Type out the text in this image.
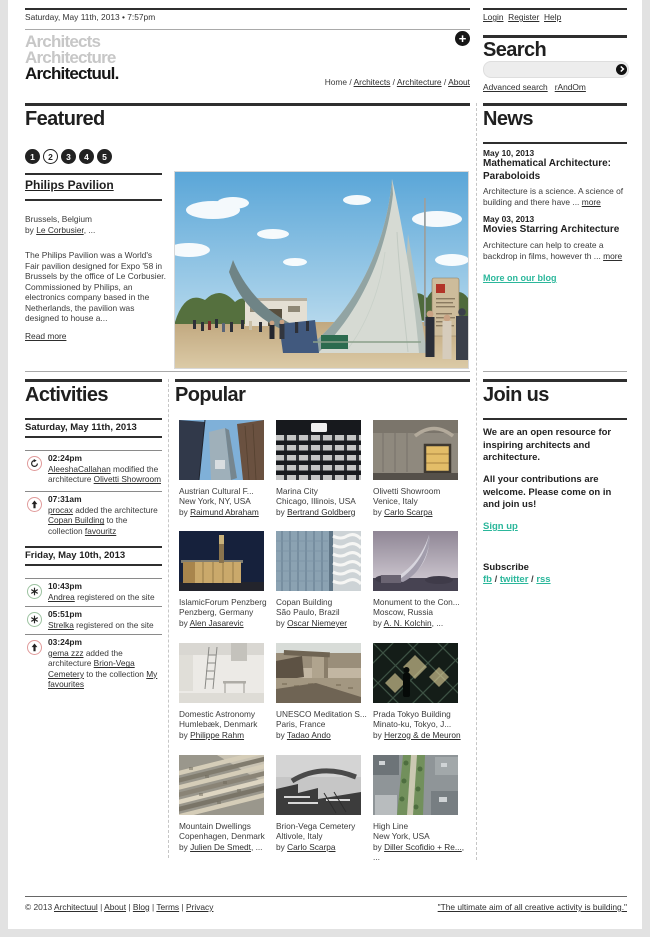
Saturday, May 11th, 2013 • 7:57pm	Login Register Help
Architects
Architecture
Architectuul.
+
Home / Architects / Architecture / About
Search
Advanced search rAndOm
Featured
1	2	3	4	5
Philips Pavilion
Brussels, Belgium
by Le Corbusier, ...
The Philips Pavilion was a World's Fair pavilion designed for Expo '58 in Brussels by the office of Le Corbusier. Commissioned by Philips, an electronics company based in the Netherlands, the pavilion was designed to house a...
Read more
News
May 10, 2013
Mathematical Architecture: Paraboloids
Architecture is a science. A science of building and there have ... more
May 03, 2013
Movies Starring Architecture
Architecture can help to create a backdrop in films, however th ... more
More on our blog
Activities
Saturday, May 11th, 2013
02:24pm
AleeshaCallahan modified the architecture Olivetti Showroom
07:31am
procax added the architecture Copan Building to the collection favouritz
Friday, May 10th, 2013
10:43pm
Andrea registered on the site
05:51pm
Strelka registered on the site
03:24pm
gema zzz added the architecture Brion-Vega Cemetery to the collection My favourites
Popular
Austrian Cultural F...
New York, NY, USA
by Raimund Abraham
Marina City
Chicago, Illinois, USA
by Bertrand Goldberg
Olivetti Showroom
Venice, Italy
by Carlo Scarpa
IslamicForum Penzberg
Penzberg, Germany
by Alen Jasarevic
Copan Building
São Paulo, Brazil
by Oscar Niemeyer
Monument to the Con...
Moscow, Russia
by A. N. Kolchin, ...
Domestic Astronomy
Humlebæk, Denmark
by Philippe Rahm
UNESCO Meditation S...
Paris, France
by Tadao Ando
Prada Tokyo Building
Minato-ku, Tokyo, J...
by Herzog & de Meuron
Mountain Dwellings
Copenhagen, Denmark
by Julien De Smedt, ...
Brion-Vega Cemetery
Altivole, Italy
by Carlo Scarpa
High Line
New York, USA
by Diller Scofidio + Re..., ...
Join us
We are an open resource for inspiring architects and architecture.
All your contributions are welcome. Please come on in and join us!
Sign up
Subscribe
fb / twitter / rss
© 2013 Architectuul | About | Blog | Terms | Privacy	"The ultimate aim of all creative activity is building."
